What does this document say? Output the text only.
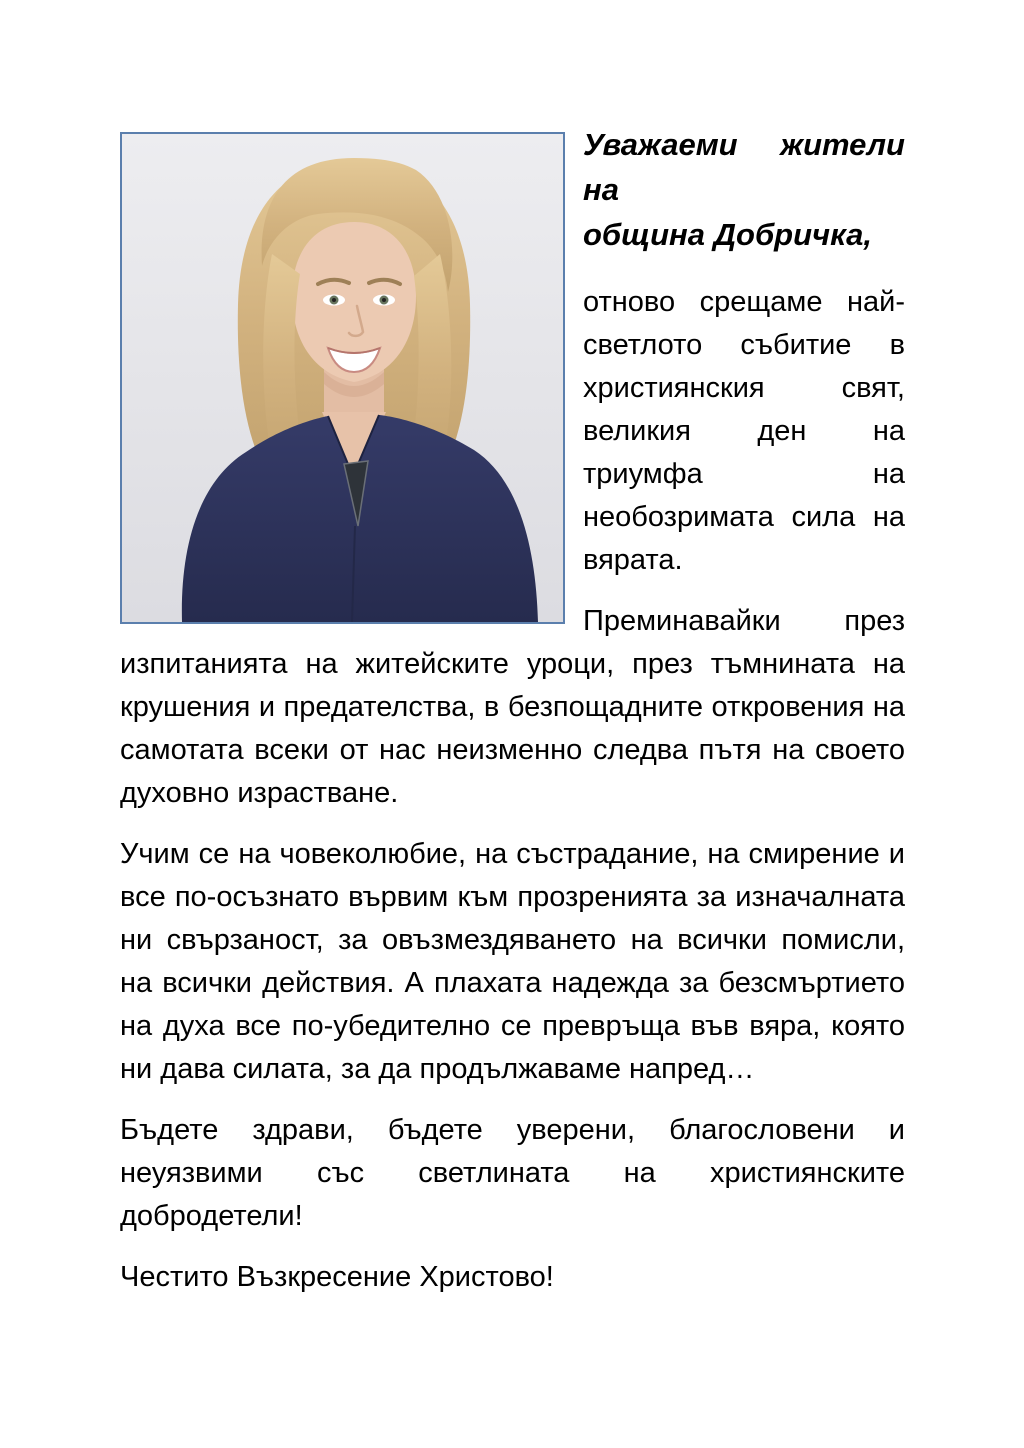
Уважаеми жители на
община Добричка,

отново срещаме най-светлото събитие в християнския свят, великия ден на триумфа на необозримата сила на вярата.

Преминавайки през изпитанията на житейските уроци, през тъмнината на крушения и предателства, в безпощадните откровения на самотата всеки от нас неизменно следва пътя на своето духовно израстване.

Учим се на човеколюбие, на състрадание, на смирение и все по-осъзнато вървим към прозренията за изначалната ни свързаност, за овъзмездяването на всички помисли, на всички действия. А плахата надежда за безсмъртието на духа все по-убедително се превръща във вяра, която ни дава силата, за да продължаваме напред…

Бъдете здрави, бъдете уверени, благословени и неуязвими със светлината на християнските добродетели!

Честито Възкресение Христово!
